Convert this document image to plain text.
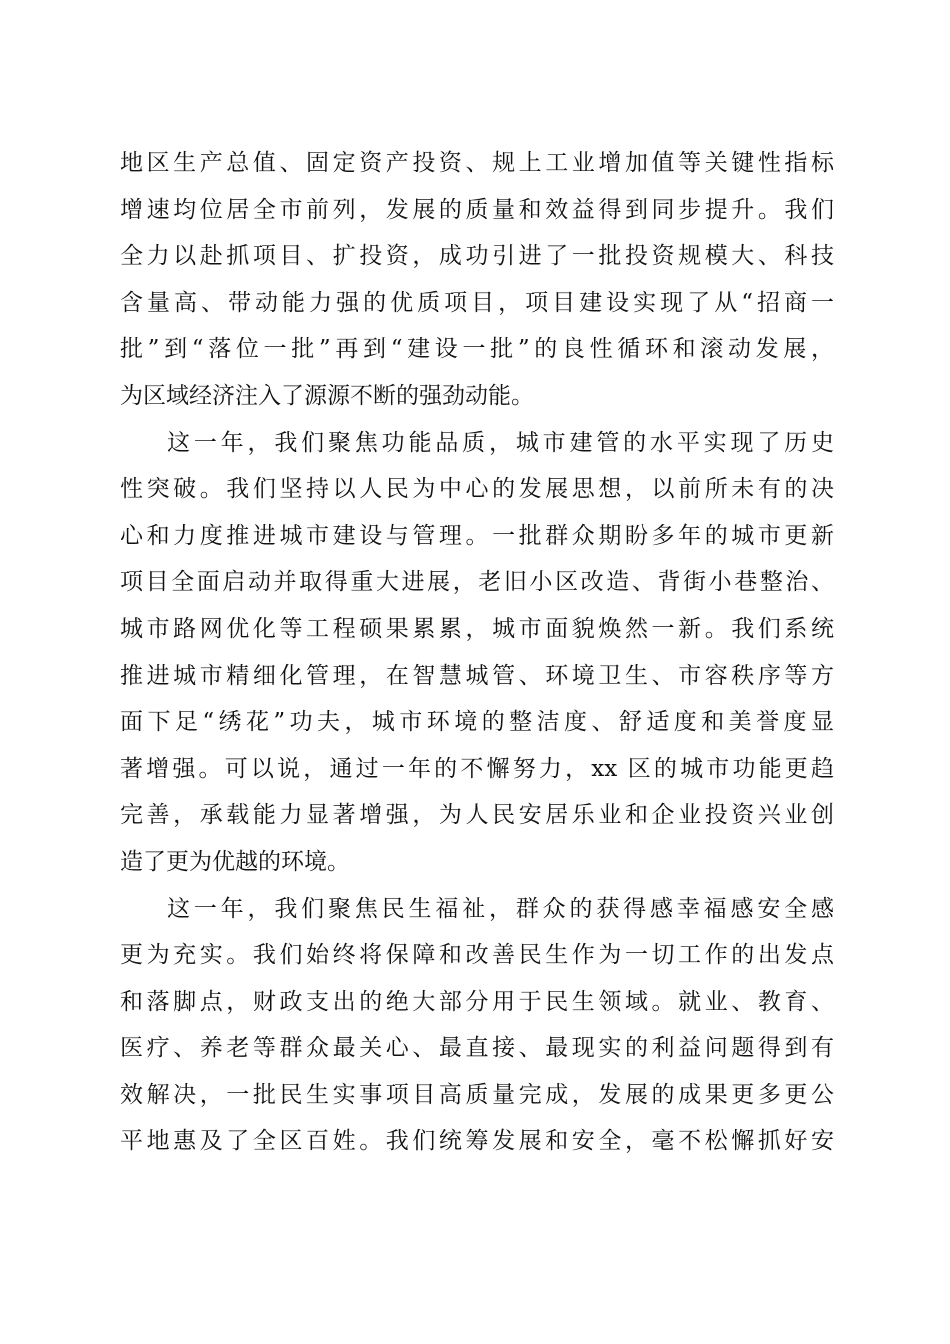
地区生产总值、固定资产投资、规上工业增加值等关键性指标
增速均位居全市前列，发展的质量和效益得到同步提升。我们
全力以赴抓项目、扩投资，成功引进了一批投资规模大、科技
含量高、带动能力强的优质项目，项目建设实现了从“招商一
批”到“落位一批”再到“建设一批”的良性循环和滚动发展，
为区域经济注入了源源不断的强劲动能。
这一年，我们聚焦功能品质，城市建管的水平实现了历史
性突破。我们坚持以人民为中心的发展思想，以前所未有的决
心和力度推进城市建设与管理。一批群众期盼多年的城市更新
项目全面启动并取得重大进展，老旧小区改造、背街小巷整治、
城市路网优化等工程硕果累累，城市面貌焕然一新。我们系统
推进城市精细化管理，在智慧城管、环境卫生、市容秩序等方
面下足“绣花”功夫，城市环境的整洁度、舒适度和美誉度显
著增强。可以说，通过一年的不懈努力，xx 区的城市功能更趋
完善，承载能力显著增强，为人民安居乐业和企业投资兴业创
造了更为优越的环境。
这一年，我们聚焦民生福祉，群众的获得感幸福感安全感
更为充实。我们始终将保障和改善民生作为一切工作的出发点
和落脚点，财政支出的绝大部分用于民生领域。就业、教育、
医疗、养老等群众最关心、最直接、最现实的利益问题得到有
效解决，一批民生实事项目高质量完成，发展的成果更多更公
平地惠及了全区百姓。我们统筹发展和安全，毫不松懈抓好安
